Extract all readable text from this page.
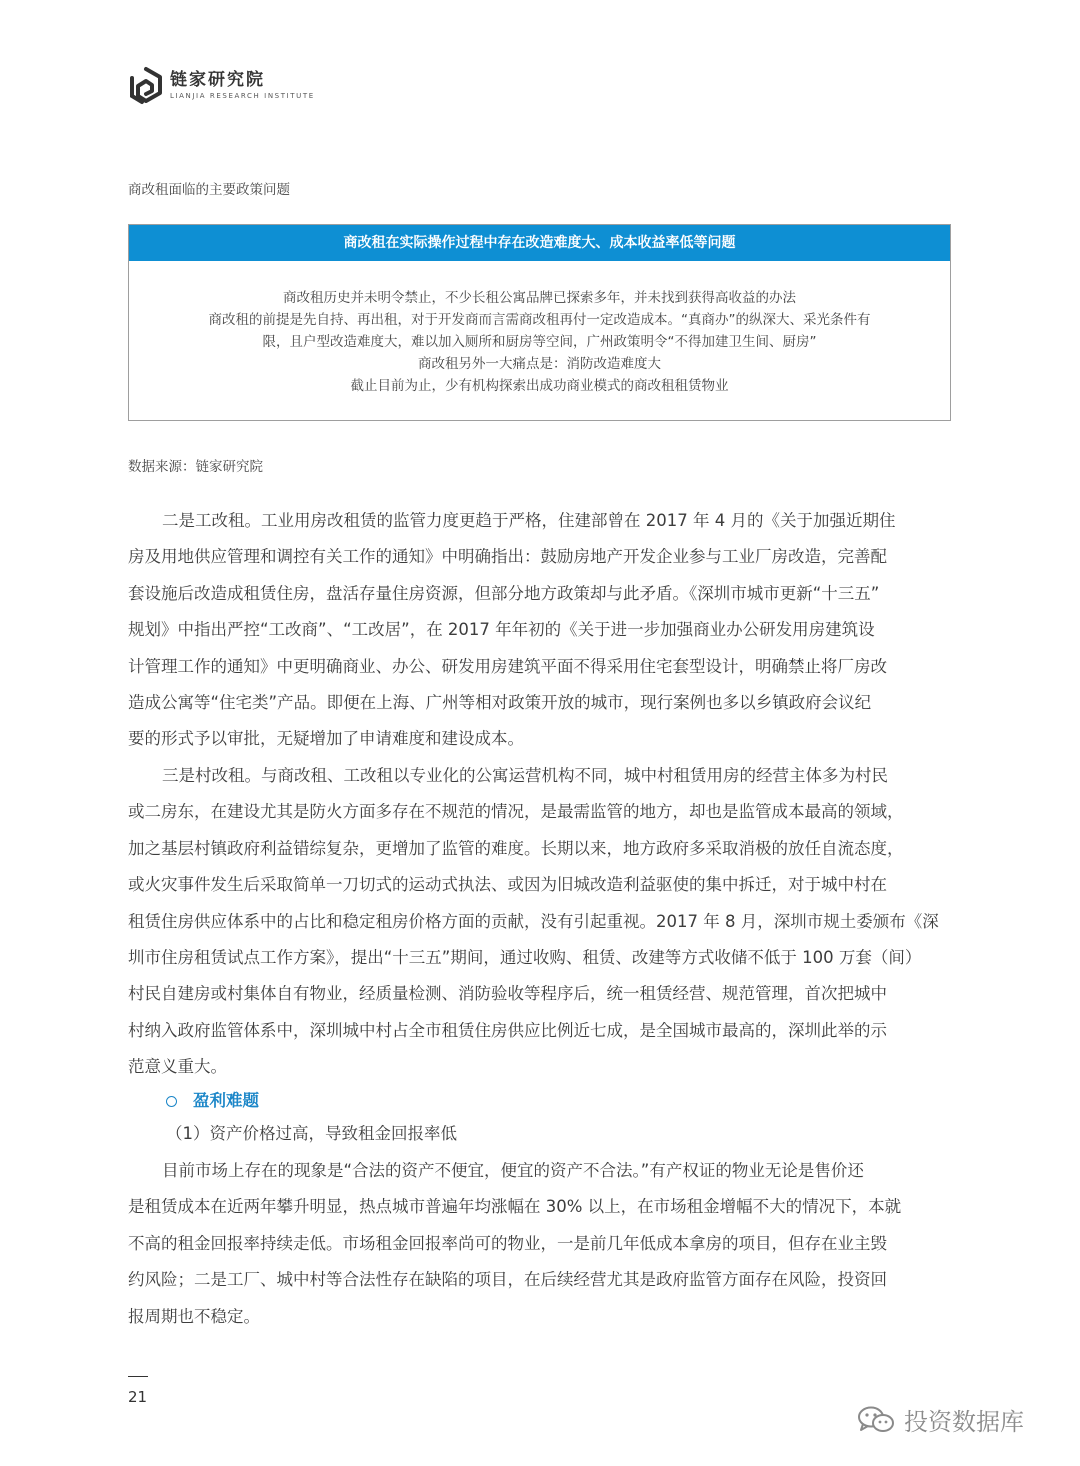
链家研究院
LIANJIA RESEARCH INSTITUTE
商改租面临的主要政策问题
商改租在实际操作过程中存在改造难度大、成本收益率低等问题
商改租历史并未明令禁止，不少长租公寓品牌已探索多年，并未找到获得高收益的办法
商改租的前提是先自持、再出租，对于开发商而言需商改租再付一定改造成本。“真商办”的纵深大、采光条件有
限，且户型改造难度大，难以加入厕所和厨房等空间，广州政策明令“不得加建卫生间、厨房”
商改租另外一大痛点是：消防改造难度大
截止目前为止，少有机构探索出成功商业模式的商改租租赁物业
数据来源：链家研究院
二是工改租。工业用房改租赁的监管力度更趋于严格，住建部曾在 2017 年 4 月的《关于加强近期住
房及用地供应管理和调控有关工作的通知》中明确指出：鼓励房地产开发企业参与工业厂房改造，完善配
套设施后改造成租赁住房，盘活存量住房资源，但部分地方政策却与此矛盾。《深圳市城市更新“十三五”
规划》中指出严控“工改商”、“工改居”，在 2017 年年初的《关于进一步加强商业办公研发用房建筑设
计管理工作的通知》中更明确商业、办公、研发用房建筑平面不得采用住宅套型设计，明确禁止将厂房改
造成公寓等“住宅类”产品。即便在上海、广州等相对政策开放的城市，现行案例也多以乡镇政府会议纪
要的形式予以审批，无疑增加了申请难度和建设成本。
三是村改租。与商改租、工改租以专业化的公寓运营机构不同，城中村租赁用房的经营主体多为村民
或二房东，在建设尤其是防火方面多存在不规范的情况，是最需监管的地方，却也是监管成本最高的领域，
加之基层村镇政府利益错综复杂，更增加了监管的难度。长期以来，地方政府多采取消极的放任自流态度，
或火灾事件发生后采取简单一刀切式的运动式执法、或因为旧城改造利益驱使的集中拆迁，对于城中村在
租赁住房供应体系中的占比和稳定租房价格方面的贡献，没有引起重视。2017 年 8 月，深圳市规土委颁布《深
圳市住房租赁试点工作方案》，提出“十三五”期间，通过收购、租赁、改建等方式收储不低于 100 万套（间）
村民自建房或村集体自有物业，经质量检测、消防验收等程序后，统一租赁经营、规范管理，首次把城中
村纳入政府监管体系中，深圳城中村占全市租赁住房供应比例近七成，是全国城市最高的，深圳此举的示
范意义重大。
盈利难题
（1）资产价格过高，导致租金回报率低
目前市场上存在的现象是“合法的资产不便宜，便宜的资产不合法。”有产权证的物业无论是售价还
是租赁成本在近两年攀升明显，热点城市普遍年均涨幅在 30% 以上，在市场租金增幅不大的情况下，本就
不高的租金回报率持续走低。市场租金回报率尚可的物业，一是前几年低成本拿房的项目，但存在业主毁
约风险；二是工厂、城中村等合法性存在缺陷的项目，在后续经营尤其是政府监管方面存在风险，投资回
报周期也不稳定。
21
投资数据库
